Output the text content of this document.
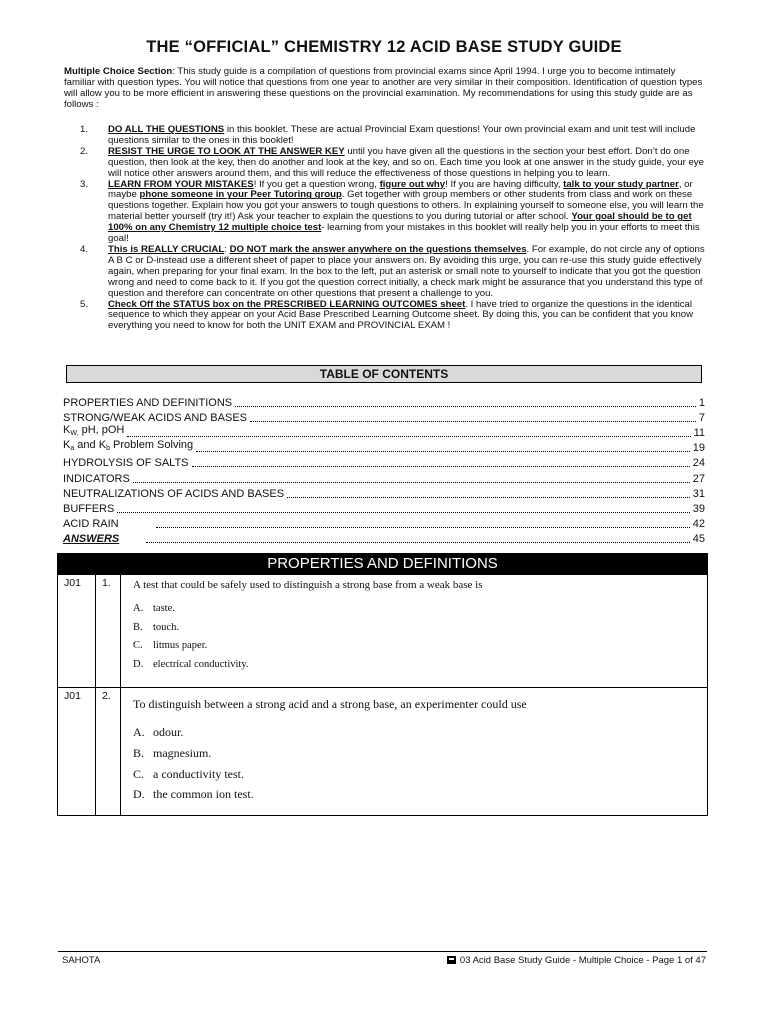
THE “OFFICIAL” CHEMISTRY 12 ACID BASE STUDY GUIDE
Multiple Choice Section: This study guide is a compilation of questions from provincial exams since April 1994. I urge you to become intimately familiar with question types. You will notice that questions from one year to another are very similar in their composition. Identification of question types will allow you to be more efficient in answering these questions on the provincial examination. My recommendations for using this study guide are as follows :
1. DO ALL THE QUESTIONS in this booklet. These are actual Provincial Exam questions! Your own provincial exam and unit test will include questions similar to the ones in this booklet!
2. RESIST THE URGE TO LOOK AT THE ANSWER KEY until you have given all the questions in the section your best effort. Don’t do one question, then look at the key, then do another and look at the key, and so on. Each time you look at one answer in the study guide, your eye will notice other answers around them, and this will reduce the effectiveness of those questions in helping you to learn.
3. LEARN FROM YOUR MISTAKES! If you get a question wrong, figure out why! If you are having difficulty, talk to your study partner, or maybe phone someone in your Peer Tutoring group. Get together with group members or other students from class and work on these questions together. Explain how you got your answers to tough questions to others. In explaining yourself to someone else, you will learn the material better yourself (try it!) Ask your teacher to explain the questions to you during tutorial or after school. Your goal should be to get 100% on any Chemistry 12 multiple choice test- learning from your mistakes in this booklet will really help you in your efforts to meet this goal!
4. This is REALLY CRUCIAL: DO NOT mark the answer anywhere on the questions themselves. For example, do not circle any of options A B C or D-instead use a different sheet of paper to place your answers on. By avoiding this urge, you can re-use this study guide effectively again, when preparing for your final exam. In the box to the left, put an asterisk or small note to yourself to indicate that you got the question wrong and need to come back to it. If you got the question correct initially, a check mark might be assurance that you understand this type of question and therefore can concentrate on other questions that present a challenge to you.
5. Check Off the STATUS box on the PRESCRIBED LEARNING OUTCOMES sheet. I have tried to organize the questions in the identical sequence to which they appear on your Acid Base Prescribed Learning Outcome sheet. By doing this, you can be confident that you know everything you need to know for both the UNIT EXAM and PROVINCIAL EXAM !
TABLE OF CONTENTS
PROPERTIES AND DEFINITIONS	1
STRONG/WEAK ACIDS AND BASES	7
$K_{W,}$ pH, pOH	11
$K_a$ and $K_b$ Problem Solving	19
HYDROLYSIS OF SALTS	24
INDICATORS	27
NEUTRALIZATIONS OF ACIDS AND BASES	31
BUFFERS	39
ACID RAIN	42
ANSWERS	45
PROPERTIES AND DEFINITIONS
J01	1.	A test that could be safely used to distinguish a strong base from a weak base is
A. taste.
B. touch.
C. litmus paper.
D. electrical conductivity.

J01	2.	To distinguish between a strong acid and a strong base, an experimenter could use
A. odour.
B. magnesium.
C. a conductivity test.
D. the common ion test.
SAHOTA	03 Acid Base Study Guide - Multiple Choice - Page 1 of 47
